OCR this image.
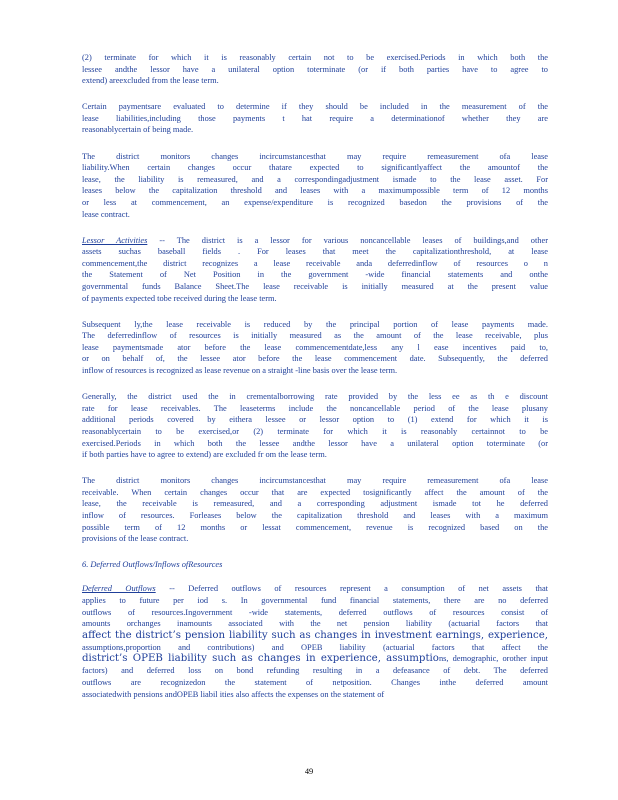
(2) terminate for which it is reasonably certain not to be exercised.Periods in which both the
lessee andthe lessor have a unilateral option toterminate (or if both parties have to agree to
extend) areexcluded from the lease term.
Certain paymentsare evaluated to determine if they should be included in the measurement of the
lease liabilities,including those payments t hat require a determinationof whether they are
reasonablycertain of being made.
The district monitors changes incircumstancesthat may require remeasurement ofa lease
liability.When certain changes occur thatare expected to significantlyaffect the amountof the
lease, the liability is remeasured, and a correspondingadjustment ismade to the lease asset. For
leases below the capitalization threshold and leases with a maximumpossible term of 12 months
or less at commencement, an expense/expenditure is recognized basedon the provisions of the
lease contract.
Lessor Activities -- The district is a lessor for various noncancellable leases of buildings,and other
assets suchas baseball fields . For leases that meet the capitalizationthreshold, at lease
commencement,the district recognizes a lease receivable anda deferredinflow of resources o n
the Statement of Net Position in the government -wide financial statements and onthe
governmental funds Balance Sheet.The lease receivable is initially measured at the present value
of payments expected tobe received during the lease term.
Subsequent ly,the lease receivable is reduced by the principal portion of lease payments made.
The deferredinflow of resources is initially measured as the amount of the lease receivable, plus
lease paymentsmade ator before the lease commencementdate,less any l ease incentives paid to,
or on behalf of, the lessee ator before the lease commencement date. Subsequently, the deferred
inflow of resources is recognized as lease revenue on a straight -line basis over the lease term.
Generally, the district used the in crementalborrowing rate provided by the less ee as th e discount
rate for lease receivables. The leaseterms include the noncancellable period of the lease plusany
additional periods covered by eithera lessee or lessor option to (1) extend for which it is
reasonablycertain to be exercised,or (2) terminate for which it is reasonably certainnot to be
exercised.Periods in which both the lessee andthe lessor have a unilateral option toterminate (or
if both parties have to agree to extend) are excluded fr om the lease term.
The district monitors changes incircumstancesthat may require remeasurement ofa lease
receivable. When certain changes occur that are expected tosignificantly affect the amount of the
lease, the receivable is remeasured, and a corresponding adjustment ismade tot he deferred
inflow of resources. Forleases below the capitalization threshold and leases with a maximum
possible term of 12 months or lessat commencement, revenue is recognized based on the
provisions of the lease contract.
6. Deferred Outflows/Inflows ofResources
Deferred Outflows -- Deferred outflows of resources represent a consumption of net assets that
applies to future per iod s. In governmental fund financial statements, there are no deferred
outflows of resources.Ingovernment -wide statements, deferred outflows of resources consist of
amounts orchanges inamounts associated with the net pension liability (actuarial factors that
affect the district’s pension liability such as changes in investment earnings, experience,
assumptions,proportion and contributions) and OPEB liability (actuarial factors that affect the
district’s OPEB liability such as changes in experience, assumptions, demographic, orother input
factors) and deferred loss on bond refunding resulting in a defeasance of debt. The deferred
outflows are recognizedon the statement of netposition. Changes inthe deferred amount
associatedwith pensions andOPEB liabil ities also affects the expenses on the statement of
49
